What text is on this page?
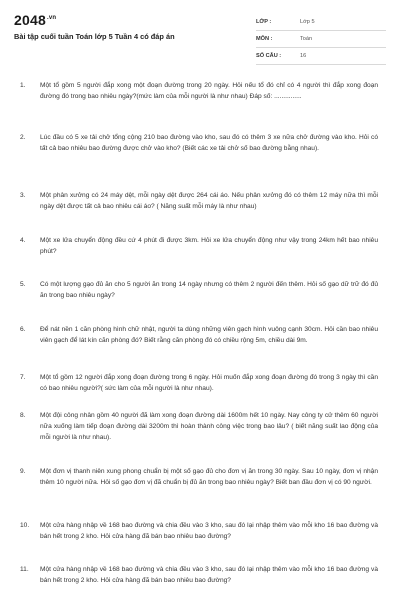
$2048^{.vn}$
Bài tập cuối tuần Toán lớp 5 Tuần 4 có đáp án
LỚP :	Lớp 5
MÔN :	Toán
SỐ CÂU :	16
1. Một tổ gồm 5 người đắp xong một đoạn đường trong 20 ngày. Hỏi nếu tổ đó chỉ có 4 người thì đắp xong đoạn đường đó trong bao nhiêu ngày?(mức làm của mỗi người là như nhau) Đáp số: ...............
2. Lúc đầu có 5 xe tải chở tổng cộng 210 bao đường vào kho, sau đó có thêm 3 xe nữa chở đường vào kho. Hỏi có tất cả bao nhiêu bao đường được chở vào kho? (Biết các xe tải chở số bao đường bằng nhau).
3. Một phân xưởng có 24 máy dệt, mỗi ngày dệt được 264 cái áo. Nếu phân xưởng đó có thêm 12 máy nữa thì mỗi ngày dệt được tất cả bao nhiêu cái áo? ( Năng suất mỗi máy là như nhau)
4. Một xe lửa chuyển động đều cứ 4 phút đi được 3km. Hỏi xe lửa chuyển động như vậy trong 24km hết bao nhiêu phút?
5. Có một lượng gạo đủ ăn cho 5 người ăn trong 14 ngày nhưng có thêm 2 người đến thêm. Hỏi số gạo dữ trữ đó đủ ăn trong bao nhiêu ngày?
6. Để nát nền 1 căn phòng hình chữ nhật, người ta dùng những viên gạch hình vuông cạnh 30cm. Hỏi cần bao nhiêu viên gạch để lát kín căn phòng đó? Biết rằng căn phòng đó có chiều rộng 5m, chiều dài 9m.
7. Một tổ gồm 12 người đắp xong đoạn đường trong 6 ngày. Hỏi muốn đắp xong đoạn đường đó trong 3 ngày thì cần có bao nhiêu người?( sức làm của mỗi người là như nhau).
8. Một đội công nhân gồm 40 người đã làm xong đoạn đường dài 1600m hết 10 ngày. Nay công ty cử thêm 60 người nữa xuống làm tiếp đoạn đường dài 3200m thì hoàn thành công việc trong bao lâu? ( biết năng suất lao động của mỗi người là như nhau).
9. Một đơn vị thanh niên xung phong chuẩn bị một số gạo đủ cho đơn vị ăn trong 30 ngày. Sau 10 ngày, đơn vị nhận thêm 10 người nữa. Hỏi số gạo đơn vị đã chuẩn bị đủ ăn trong bao nhiêu ngày? Biết ban đầu đơn vị có 90 người.
10. Một cửa hàng nhập về 168 bao đường và chia đều vào 3 kho, sau đó lại nhập thêm vào mỗi kho 16 bao đường và bán hết trong 2 kho. Hỏi cửa hàng đã bán bao nhiêu bao đường?
11. Một cửa hàng nhập về 168 bao đường và chia đều vào 3 kho, sau đó lại nhập thêm vào mỗi kho 16 bao đường và bán hết trong 2 kho. Hỏi cửa hàng đã bán bao nhiêu bao đường?
